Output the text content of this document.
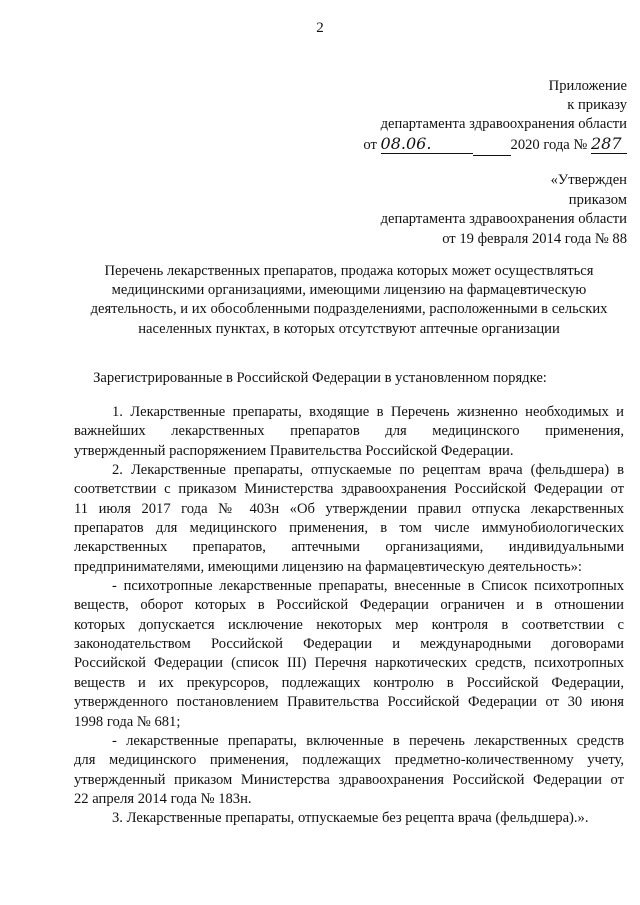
2
Приложение
к приказу
департамента здравоохранения области
от 08.06.	2020 года № 287
«Утвержден
приказом
департамента здравоохранения области
от 19 февраля 2014 года № 88
Перечень лекарственных препаратов, продажа которых может осуществляться
медицинскими организациями, имеющими лицензию на фармацевтическую
деятельность, и их обособленными подразделениями, расположенными в сельских
населенных пунктах, в которых отсутствуют аптечные организации
Зарегистрированные в Российской Федерации в установленном порядке:
1. Лекарственные препараты, входящие в Перечень жизненно необходимых и
важнейших лекарственных препаратов для медицинского применения,
утвержденный распоряжением Правительства Российской Федерации.
2. Лекарственные препараты, отпускаемые по рецептам врача (фельдшера) в
соответствии с приказом Министерства здравоохранения Российской Федерации от
11 июля 2017 года № 403н «Об утверждении правил отпуска лекарственных
препаратов для медицинского применения, в том числе иммунобиологических
лекарственных препаратов, аптечными организациями, индивидуальными
предпринимателями, имеющими лицензию на фармацевтическую деятельность»:
- психотропные лекарственные препараты, внесенные в Список психотропных
веществ, оборот которых в Российской Федерации ограничен и в отношении
которых допускается исключение некоторых мер контроля в соответствии с
законодательством Российской Федерации и международными договорами
Российской Федерации (список III) Перечня наркотических средств, психотропных
веществ и их прекурсоров, подлежащих контролю в Российской Федерации,
утвержденного постановлением Правительства Российской Федерации от 30 июня
1998 года № 681;
- лекарственные препараты, включенные в перечень лекарственных средств
для медицинского применения, подлежащих предметно-количественному учету,
утвержденный приказом Министерства здравоохранения Российской Федерации от
22 апреля 2014 года № 183н.
3. Лекарственные препараты, отпускаемые без рецепта врача (фельдшера).».
